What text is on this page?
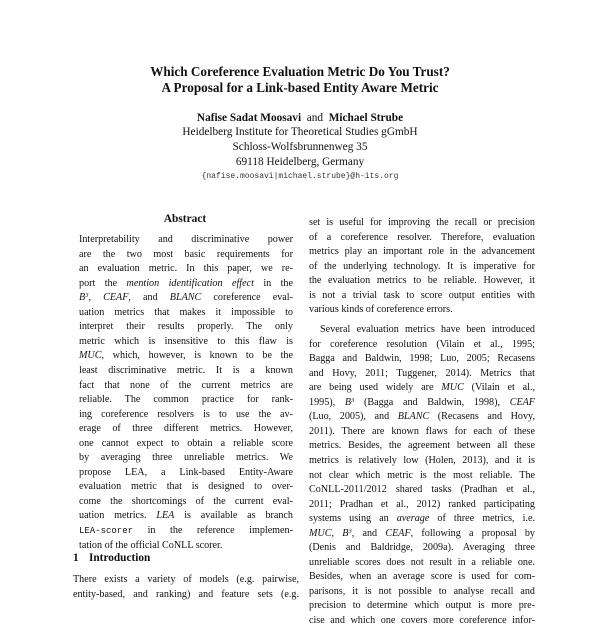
Which Coreference Evaluation Metric Do You Trust?
A Proposal for a Link-based Entity Aware Metric
Nafise Sadat Moosavi and Michael Strube
Heidelberg Institute for Theoretical Studies gGmbH
Schloss-Wolfsbrunnenweg 35
69118 Heidelberg, Germany
{nafise.moosavi|michael.strube}@h-its.org
Abstract
Interpretability and discriminative power
are the two most basic requirements for
an evaluation metric. In this paper, we re-
port the mention identification effect in the
$B^3$, CEAF, and BLANC coreference eval-
uation metrics that makes it impossible to
interpret their results properly. The only
metric which is insensitive to this flaw is
MUC, which, however, is known to be the
least discriminative metric. It is a known
fact that none of the current metrics are
reliable. The common practice for rank-
ing coreference resolvers is to use the av-
erage of three different metrics. However,
one cannot expect to obtain a reliable score
by averaging three unreliable metrics. We
propose LEA, a Link-based Entity-Aware
evaluation metric that is designed to over-
come the shortcomings of the current eval-
uation metrics. LEA is available as branch
LEA-scorer in the reference implemen-
tation of the official CoNLL scorer.
1 Introduction
There exists a variety of models (e.g. pairwise,
entity-based, and ranking) and feature sets (e.g.
set is useful for improving the recall or precision
of a coreference resolver. Therefore, evaluation
metrics play an important role in the advancement
of the underlying technology. It is imperative for
the evaluation metrics to be reliable. However, it
is not a trivial task to score output entities with
various kinds of coreference errors.
Several evaluation metrics have been introduced
for coreference resolution (Vilain et al., 1995;
Bagga and Baldwin, 1998; Luo, 2005; Recasens
and Hovy, 2011; Tuggener, 2014). Metrics that
are being used widely are MUC (Vilain et al.,
1995), $B^3$ (Bagga and Baldwin, 1998), CEAF
(Luo, 2005), and BLANC (Recasens and Hovy,
2011). There are known flaws for each of these
metrics. Besides, the agreement between all these
metrics is relatively low (Holen, 2013), and it is
not clear which metric is the most reliable. The
CoNLL-2011/2012 shared tasks (Pradhan et al.,
2011; Pradhan et al., 2012) ranked participating
systems using an average of three metrics, i.e.
MUC, $B^3$, and CEAF, following a proposal by
(Denis and Baldridge, 2009a). Averaging three
unreliable scores does not result in a reliable one.
Besides, when an average score is used for com-
parisons, it is not possible to analyse recall and
precision to determine which output is more pre-
cise and which one covers more coreference infor-
